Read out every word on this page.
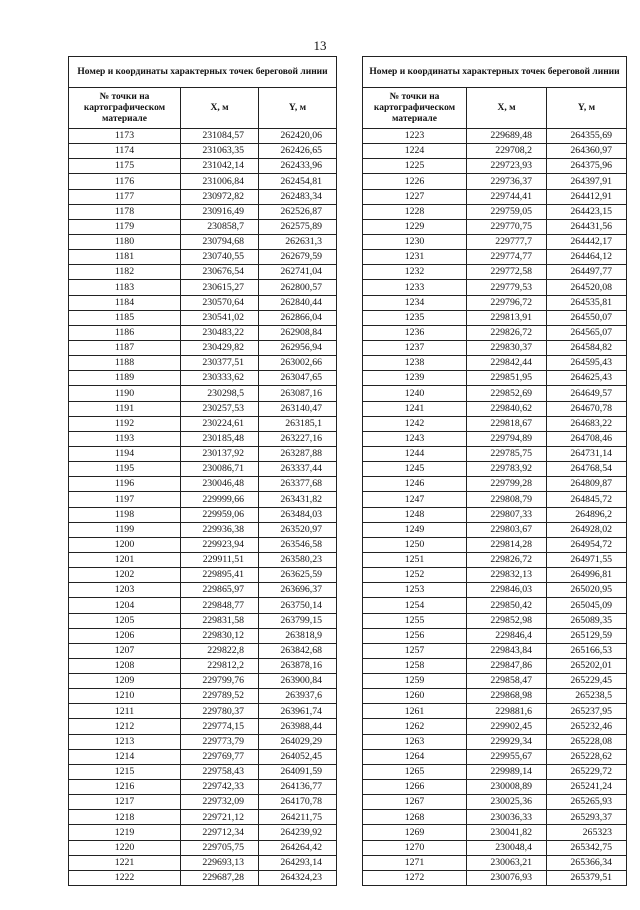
13
Номер и координаты характерных точек береговой линии		
№ точки на картографическом материале	X, м	Y, м
1173	231084,57	262420,06
1174	231063,35	262426,65
1175	231042,14	262433,96
1176	231006,84	262454,81
1177	230972,82	262483,34
1178	230916,49	262526,87
1179	230858,7	262575,89
1180	230794,68	262631,3
1181	230740,55	262679,59
1182	230676,54	262741,04
1183	230615,27	262800,57
1184	230570,64	262840,44
1185	230541,02	262866,04
1186	230483,22	262908,84
1187	230429,82	262956,94
1188	230377,51	263002,66
1189	230333,62	263047,65
1190	230298,5	263087,16
1191	230257,53	263140,47
1192	230224,61	263185,1
1193	230185,48	263227,16
1194	230137,92	263287,88
1195	230086,71	263337,44
1196	230046,48	263377,68
1197	229999,66	263431,82
1198	229959,06	263484,03
1199	229936,38	263520,97
1200	229923,94	263546,58
1201	229911,51	263580,23
1202	229895,41	263625,59
1203	229865,97	263696,37
1204	229848,77	263750,14
1205	229831,58	263799,15
1206	229830,12	263818,9
1207	229822,8	263842,68
1208	229812,2	263878,16
1209	229799,76	263900,84
1210	229789,52	263937,6
1211	229780,37	263961,74
1212	229774,15	263988,44
1213	229773,79	264029,29
1214	229769,77	264052,45
1215	229758,43	264091,59
1216	229742,33	264136,77
1217	229732,09	264170,78
1218	229721,12	264211,75
1219	229712,34	264239,92
1220	229705,75	264264,42
1221	229693,13	264293,14
1222	229687,28	264324,23
Номер и координаты характерных точек береговой линии		
№ точки на картографическом материале	X, м	Y, м
1223	229689,48	264355,69
1224	229708,2	264360,97
1225	229723,93	264375,96
1226	229736,37	264397,91
1227	229744,41	264412,91
1228	229759,05	264423,15
1229	229770,75	264431,56
1230	229777,7	264442,17
1231	229774,77	264464,12
1232	229772,58	264497,77
1233	229779,53	264520,08
1234	229796,72	264535,81
1235	229813,91	264550,07
1236	229826,72	264565,07
1237	229830,37	264584,82
1238	229842,44	264595,43
1239	229851,95	264625,43
1240	229852,69	264649,57
1241	229840,62	264670,78
1242	229818,67	264683,22
1243	229794,89	264708,46
1244	229785,75	264731,14
1245	229783,92	264768,54
1246	229799,28	264809,87
1247	229808,79	264845,72
1248	229807,33	264896,2
1249	229803,67	264928,02
1250	229814,28	264954,72
1251	229826,72	264971,55
1252	229832,13	264996,81
1253	229846,03	265020,95
1254	229850,42	265045,09
1255	229852,98	265089,35
1256	229846,4	265129,59
1257	229843,84	265166,53
1258	229847,86	265202,01
1259	229858,47	265229,45
1260	229868,98	265238,5
1261	229881,6	265237,95
1262	229902,45	265232,46
1263	229929,34	265228,08
1264	229955,67	265228,62
1265	229989,14	265229,72
1266	230008,89	265241,24
1267	230025,36	265265,93
1268	230036,33	265293,37
1269	230041,82	265323
1270	230048,4	265342,75
1271	230063,21	265366,34
1272	230076,93	265379,51
